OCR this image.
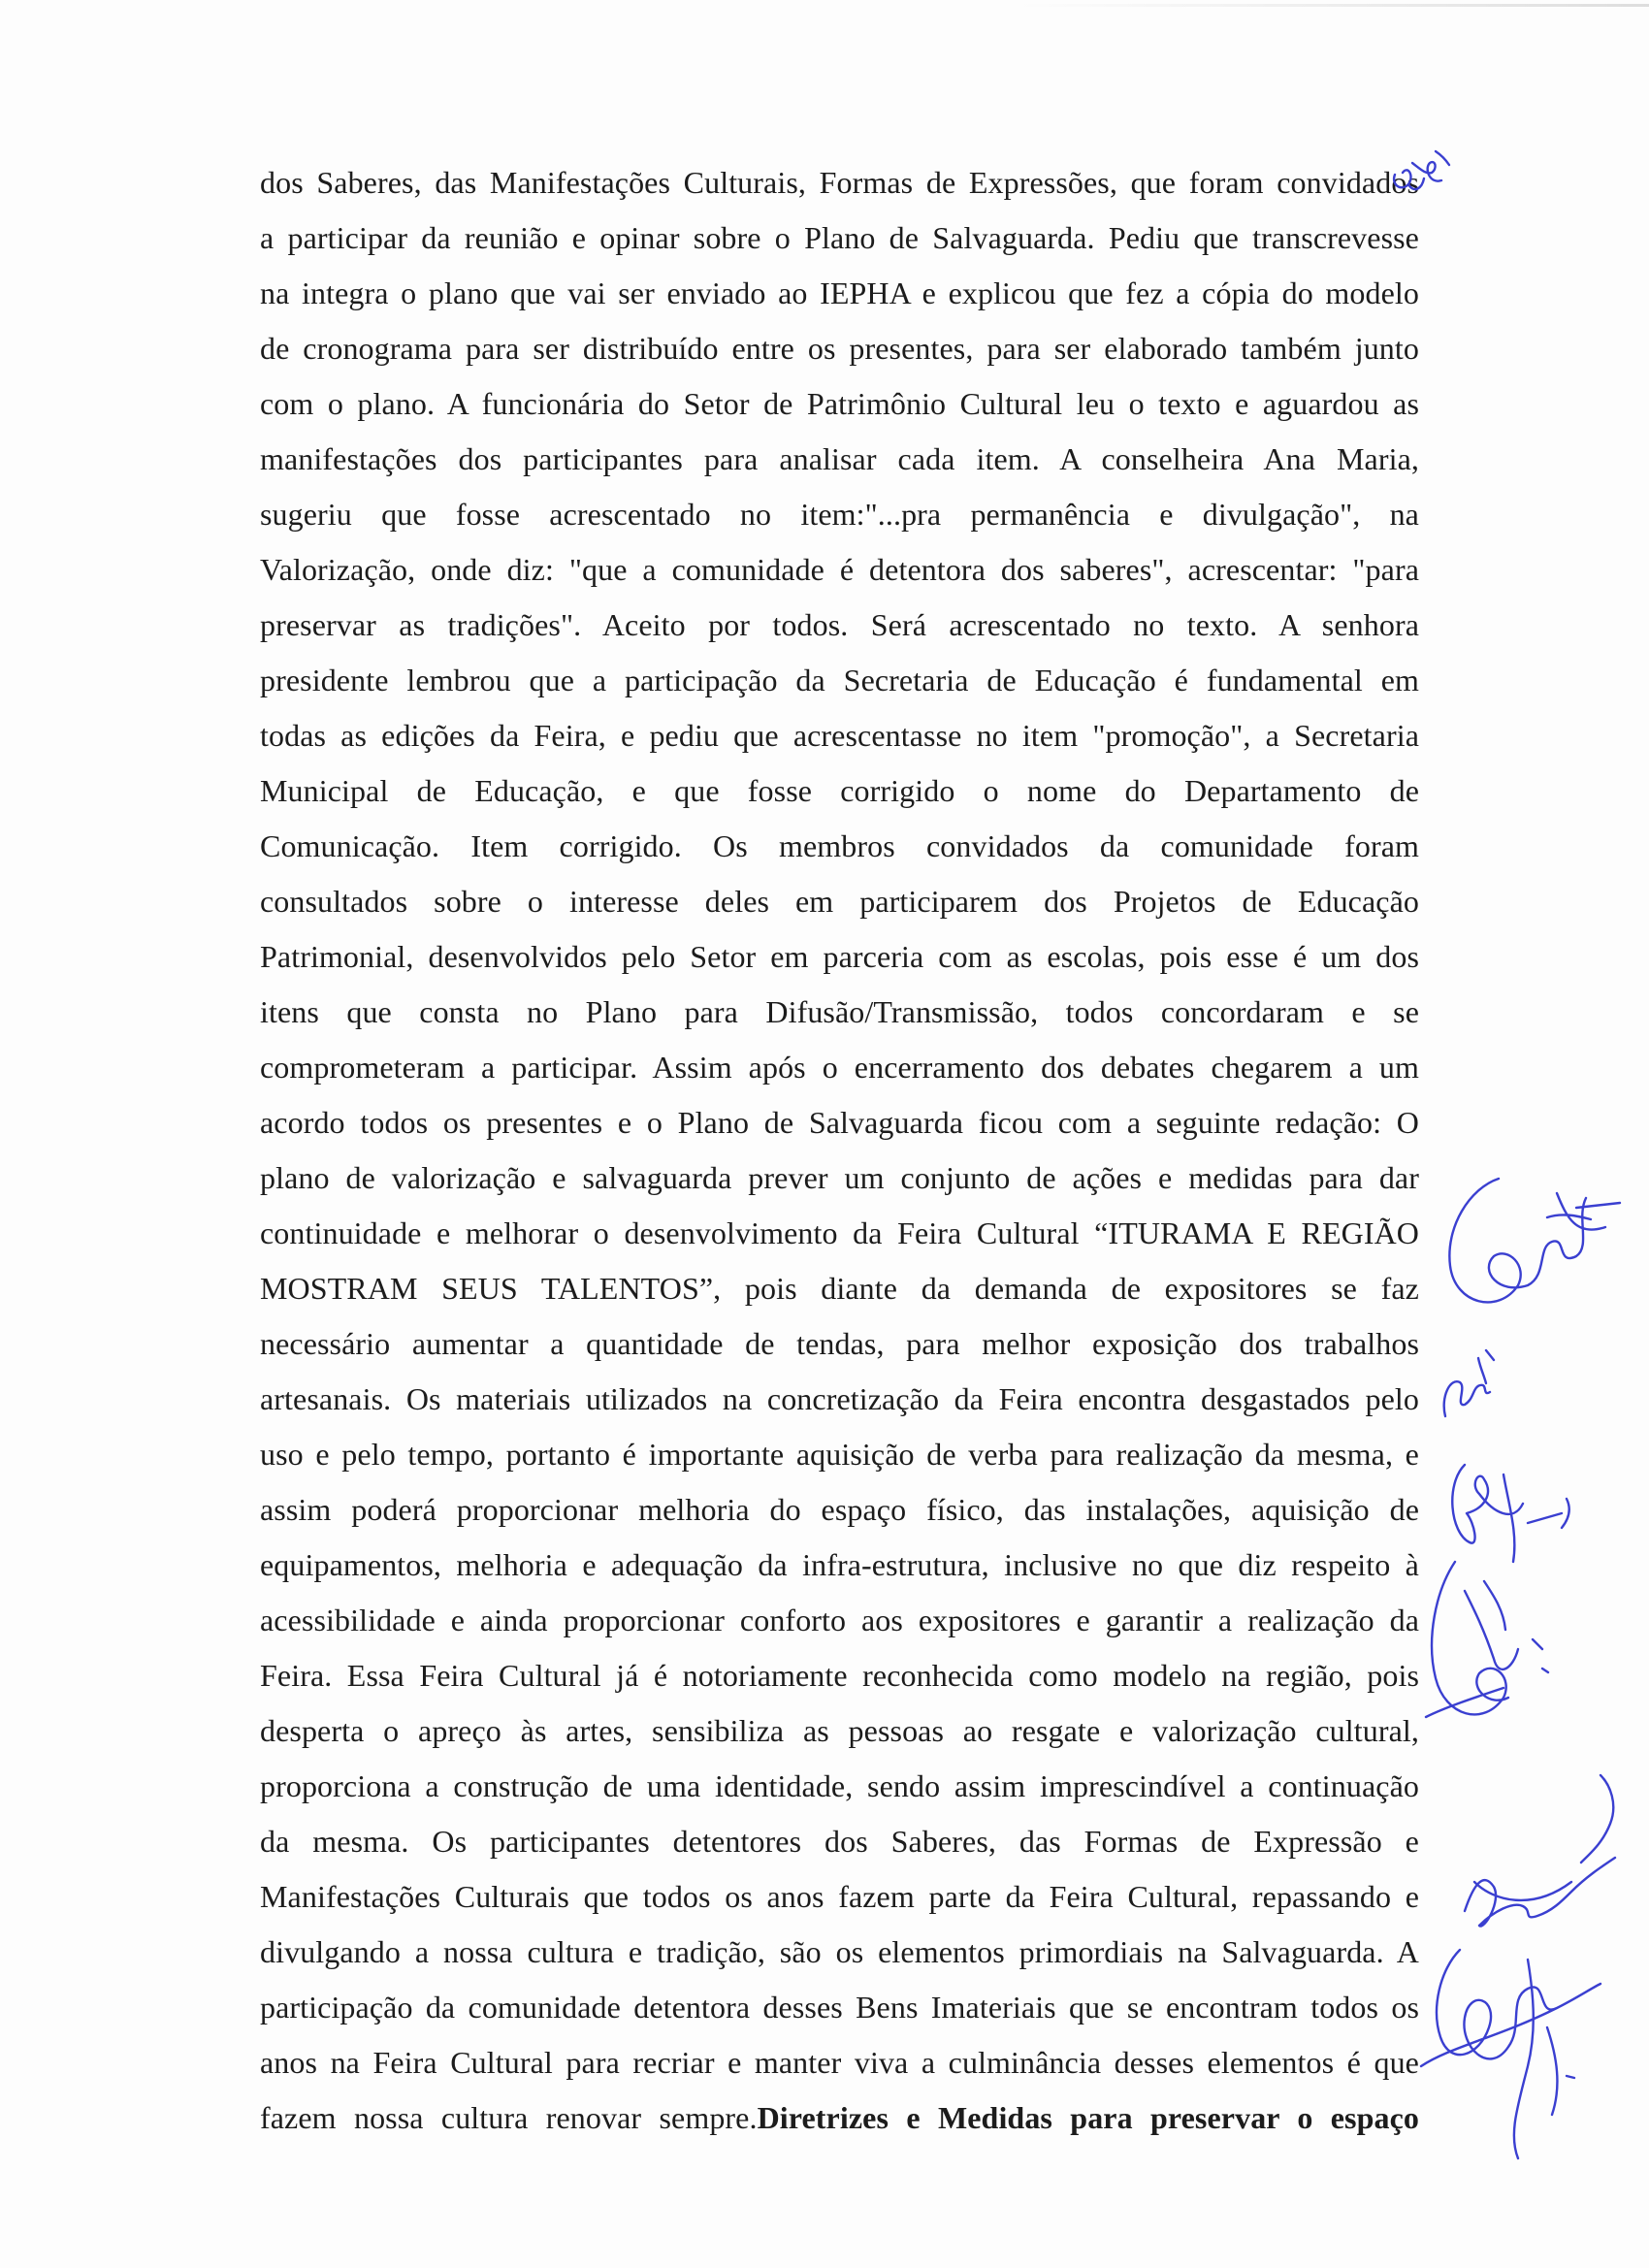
dos Saberes, das Manifestações Culturais, Formas de Expressões, que foram convidados
a participar da reunião e opinar sobre o Plano de Salvaguarda. Pediu que transcrevesse
na integra o plano que vai ser enviado ao IEPHA e explicou que fez a cópia do modelo
de cronograma para ser distribuído entre os presentes, para ser elaborado também junto
com o plano. A funcionária do Setor de Patrimônio Cultural leu o texto e aguardou as
manifestações dos participantes para analisar cada item. A conselheira Ana Maria,
sugeriu que fosse acrescentado no item:"...pra permanência e divulgação", na
Valorização, onde diz: "que a comunidade é detentora dos saberes", acrescentar: "para
preservar as tradições". Aceito por todos. Será acrescentado no texto. A senhora
presidente lembrou que a participação da Secretaria de Educação é fundamental em
todas as edições da Feira, e pediu que acrescentasse no item "promoção", a Secretaria
Municipal de Educação, e que fosse corrigido o nome do Departamento de
Comunicação. Item corrigido. Os membros convidados da comunidade foram
consultados sobre o interesse deles em participarem dos Projetos de Educação
Patrimonial, desenvolvidos pelo Setor em parceria com as escolas, pois esse é um dos
itens que consta no Plano para Difusão/Transmissão, todos concordaram e se
comprometeram a participar. Assim após o encerramento dos debates chegarem a um
acordo todos os presentes e o Plano de Salvaguarda ficou com a seguinte redação: O
plano de valorização e salvaguarda prever um conjunto de ações e medidas para dar
continuidade e melhorar o desenvolvimento da Feira Cultural “ITURAMA E REGIÃO
MOSTRAM SEUS TALENTOS”, pois diante da demanda de expositores se faz
necessário aumentar a quantidade de tendas, para melhor exposição dos trabalhos
artesanais. Os materiais utilizados na concretização da Feira encontra desgastados pelo
uso e pelo tempo, portanto é importante aquisição de verba para realização da mesma, e
assim poderá proporcionar melhoria do espaço físico, das instalações, aquisição de
equipamentos, melhoria e adequação da infra-estrutura, inclusive no que diz respeito à
acessibilidade e ainda proporcionar conforto aos expositores e garantir a realização da
Feira. Essa Feira Cultural já é notoriamente reconhecida como modelo na região, pois
desperta o apreço às artes, sensibiliza as pessoas ao resgate e valorização cultural,
proporciona a construção de uma identidade, sendo assim imprescindível a continuação
da mesma. Os participantes detentores dos Saberes, das Formas de Expressão e
Manifestações Culturais que todos os anos fazem parte da Feira Cultural, repassando e
divulgando a nossa cultura e tradição, são os elementos primordiais na Salvaguarda. A
participação da comunidade detentora desses Bens Imateriais que se encontram todos os
anos na Feira Cultural para recriar e manter viva a culminância desses elementos é que
fazem nossa cultura renovar sempre.Diretrizes e Medidas para preservar o espaço
